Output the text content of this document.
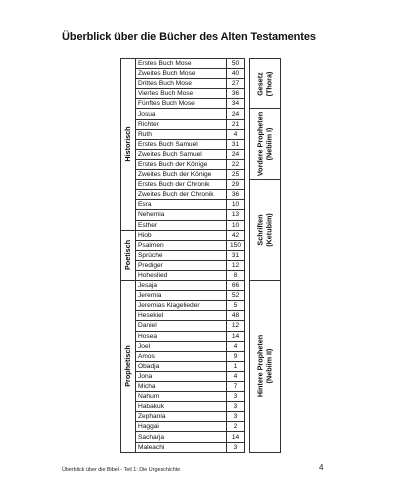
Überblick über die Bücher des Alten Testamentes
Historisch	Erstes Buch Mose	50		Gesetz (Thora)

	Zweites Buch Mose	40		
	Drittes Buch Mose	27		
	Viertes Buch Mose	36		
	Fünftes Buch Mose	34		
	Josua	24		Vordere Propheten (Nebiim I)

	Richter	21		
	Ruth	4		
	Erstes Buch Samuel	31		
	Zweites Buch Samuel	24		
	Erstes Buch der Könige	22		
	Zweites Buch der Könige	25		
	Erstes Buch der Chronik	29		Schriften (Ketubim)

	Zweites Buch der Chronik	36		
	Esra	10		
	Nehemia	13		
	Esther	10		

Poetisch	Hiob	42		
	Psalmen	150		
	Sprüche	31		
	Prediger	12		
	Hoheslied	8		

Prophetisch	Jesaja	66		Hintere Propheten (Nebiim II)

	Jeremia	52		
	Jeremias Klagelieder	5		
	Hesekiel	48		
	Daniel	12		
	Hosea	14		
	Joel	4		
	Amos	9		
	Obadja	1		
	Jona	4		
	Micha	7		
	Nahum	3		
	Habakuk	3		
	Zephania	3		
	Haggai	2		
	Sacharja	14		
	Maleachi	3		
Überblick über die Bibel - Teil 1: Die Urgeschichte	4
